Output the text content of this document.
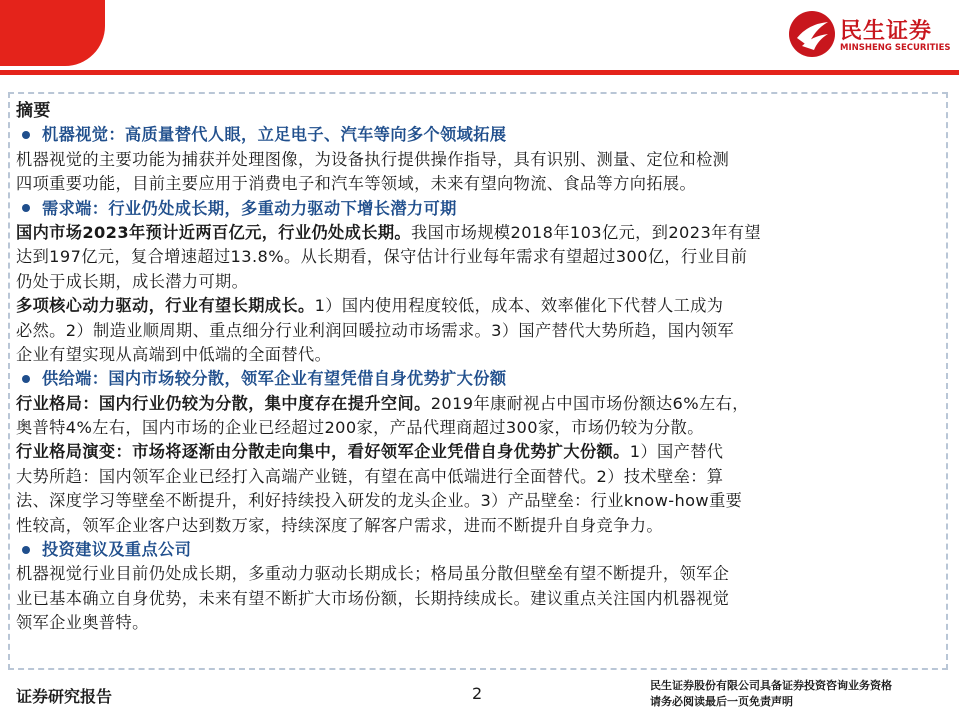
民生证券
MINSHENG SECURITIES
摘要
机器视觉：高质量替代人眼，立足电子、汽车等向多个领域拓展
机器视觉的主要功能为捕获并处理图像，为设备执行提供操作指导，具有识别、测量、定位和检测
四项重要功能，目前主要应用于消费电子和汽车等领域，未来有望向物流、食品等方向拓展。
需求端：行业仍处成长期，多重动力驱动下增长潜力可期
国内市场2023年预计近两百亿元，行业仍处成长期。我国市场规模2018年103亿元，到2023年有望
达到197亿元，复合增速超过13.8%。从长期看，保守估计行业每年需求有望超过300亿，行业目前
仍处于成长期，成长潜力可期。
多项核心动力驱动，行业有望长期成长。1）国内使用程度较低，成本、效率催化下代替人工成为
必然。2）制造业顺周期、重点细分行业利润回暖拉动市场需求。3）国产替代大势所趋，国内领军
企业有望实现从高端到中低端的全面替代。
供给端：国内市场较分散，领军企业有望凭借自身优势扩大份额
行业格局：国内行业仍较为分散，集中度存在提升空间。2019年康耐视占中国市场份额达6%左右，
奥普特4%左右，国内市场的企业已经超过200家，产品代理商超过300家，市场仍较为分散。
行业格局演变：市场将逐渐由分散走向集中，看好领军企业凭借自身优势扩大份额。1）国产替代
大势所趋：国内领军企业已经打入高端产业链，有望在高中低端进行全面替代。2）技术壁垒：算
法、深度学习等壁垒不断提升，利好持续投入研发的龙头企业。3）产品壁垒：行业know-how重要
性较高，领军企业客户达到数万家，持续深度了解客户需求，进而不断提升自身竞争力。
投资建议及重点公司
机器视觉行业目前仍处成长期，多重动力驱动长期成长；格局虽分散但壁垒有望不断提升，领军企
业已基本确立自身优势，未来有望不断扩大市场份额，长期持续成长。建议重点关注国内机器视觉
领军企业奥普特。
证券研究报告	2	民生证券股份有限公司具备证券投资咨询业务资格
请务必阅读最后一页免责声明
